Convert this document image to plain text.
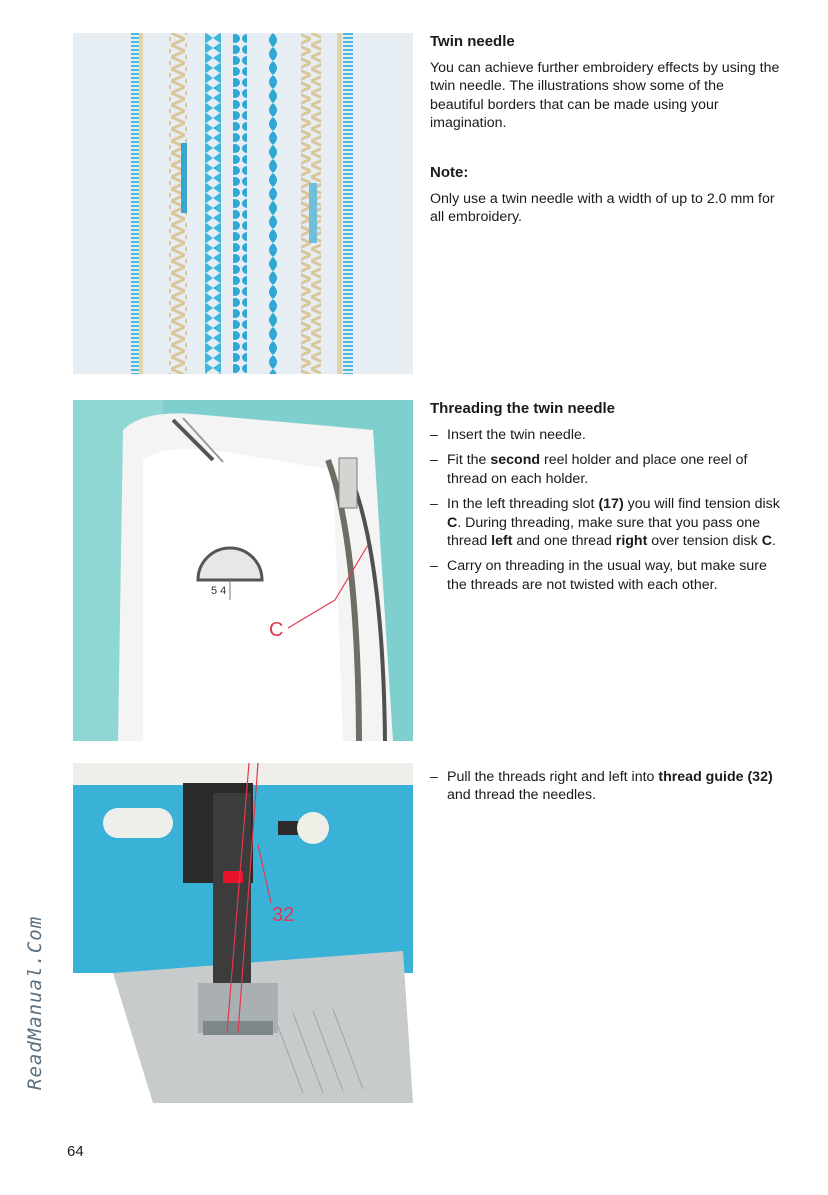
5 4
C
32
Twin needle

You can achieve further embroidery effects by using the twin needle. The illustrations show some of the beautiful borders that can be made using your imagination.

Note:

Only use a twin needle with a width of up to 2.0 mm for all embroidery.

Threading the twin needle
– Insert the twin needle.
– Fit the second reel holder and place one reel of thread on each holder.
– In the left threading slot (17) you will find tension disk C. During threading, make sure that you pass one thread left and one thread right over tension disk C.
– Carry on threading in the usual way, but make sure the threads are not twisted with each other.
– Pull the threads right and left into thread guide (32) and thread the needles.
ReadManual.Com
64
